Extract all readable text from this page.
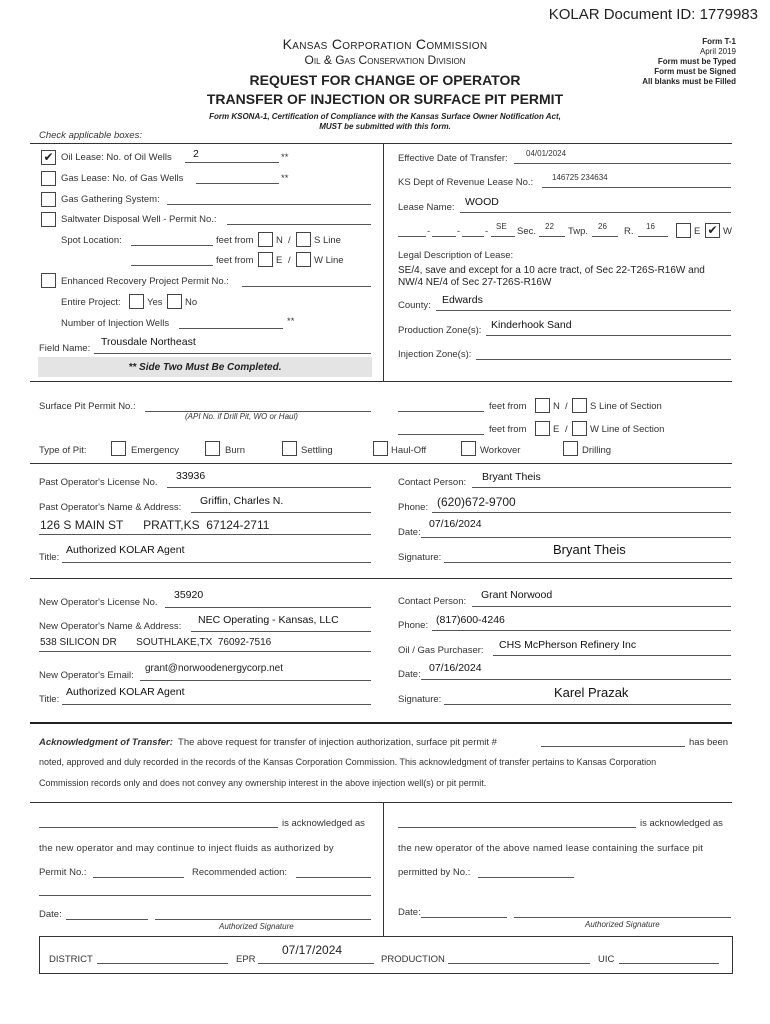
KOLAR Document ID: 1779983
Kansas Corporation Commission
Oil & Gas Conservation Division
REQUEST FOR CHANGE OF OPERATOR
TRANSFER OF INJECTION OR SURFACE PIT PERMIT
Form KSONA-1, Certification of Compliance with the Kansas Surface Owner Notification Act,
MUST be submitted with this form.
Form T-1
April 2019
Form must be Typed
Form must be Signed
All blanks must be Filled
Check applicable boxes:
✔ Oil Lease: No. of Oil Wells 2	**
Gas Lease: No. of Gas Wells	**
Gas Gathering System:
Saltwater Disposal Well - Permit No.:
Spot Location:	feet from N / S Line
feet from E / W Line
Enhanced Recovery Project Permit No.:
Entire Project:	Yes No
Number of Injection Wells	**
Field Name:
Trousdale Northeast
** Side Two Must Be Completed.
Effective Date of Transfer: 04/01/2024
KS Dept of Revenue Lease No.: 146725 234634
Lease Name: WOOD
-	-	- SE Sec. 22 Twp. 26 R. 16	E ✔ W
Legal Description of Lease:
SE/4, save and except for a 10 acre tract, of Sec 22-T26S-R16W and
NW/4 NE/4 of Sec 27-T26S-R16W
County: Edwards
Production Zone(s): Kinderhook Sand
Injection Zone(s):
Surface Pit Permit No.:
(API No. if Drill Pit, WO or Haul)
feet from	N / S Line of Section
feet from	E / W Line of Section
Type of Pit:	Emergency	Burn	Settling	Haul-Off	Workover	Drilling
Past Operator's License No.
33936
Past Operator's Name & Address:
Griffin, Charles N.
126 S MAIN ST      PRATT,KS  67124-2711
Title:
Authorized KOLAR Agent
Contact Person: Bryant Theis
Phone: (620)672-9700
Date:
07/16/2024
Signature:
Bryant Theis
New Operator's License No.
35920
New Operator's Name & Address:
NEC Operating - Kansas, LLC
538 SILICON DR       SOUTHLAKE,TX  76092-7516
New Operator's Email:
grant@norwoodenergycorp.net
Title:
Authorized KOLAR Agent
Contact Person:
Grant Norwood
Phone: (817)600-4246
Oil / Gas Purchaser: CHS McPherson Refinery Inc
Date:
07/16/2024
Signature:	Karel Prazak
Acknowledgment of Transfer: The above request for transfer of injection authorization, surface pit permit #	has been
noted, approved and duly recorded in the records of the Kansas Corporation Commission. This acknowledgment of transfer pertains to Kansas Corporation
Commission records only and does not convey any ownership interest in the above injection well(s) or pit permit.
is acknowledged as
the new operator and may continue to inject fluids as authorized by
Permit No.:	Recommended action:
Date:
Authorized Signature
is acknowledged as
the new operator of the above named lease containing the surface pit
permitted by No.:
Date:
Authorized Signature
DISTRICT	EPR
07/17/2024
PRODUCTION	UIC
